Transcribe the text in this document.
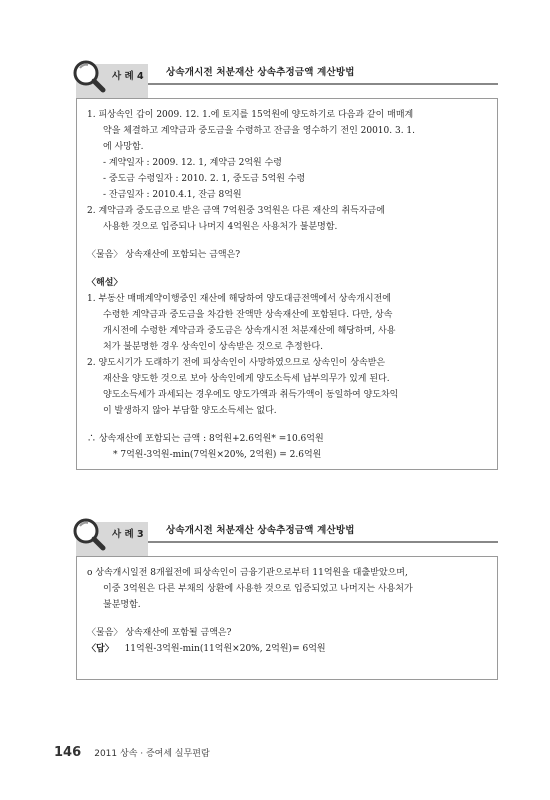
사 례 4 상속개시전 처분재산 상속추정금액 계산방법
1. 피상속인 갑이 2009. 12. 1.에 토지를 15억원에 양도하기로 다음과 같이 매매계
약을 체결하고 계약금과 중도금을 수령하고 잔금을 영수하기 전인 20010. 3. 1.
에 사망함.
- 계약일자 : 2009. 12. 1, 계약금 2억원 수령
- 중도금 수령일자 : 2010. 2. 1, 중도금 5억원 수령
- 잔금일자 : 2010.4.1, 잔금 8억원
2. 계약금과 중도금으로 받은 금액 7억원중 3억원은 다른 재산의 취득자금에
사용한 것으로 입증되나 나머지 4억원은 사용처가 불분명함.
〈물음〉 상속재산에 포함되는 금액은?
〈해설〉
1. 부동산 매매계약이행중인 재산에 해당하여 양도대금전액에서 상속개시전에
수령한 계약금과 중도금을 차감한 잔액만 상속재산에 포함된다. 다만, 상속
개시전에 수령한 계약금과 중도금은 상속개시전 처분재산에 해당하며, 사용
처가 불분명한 경우 상속인이 상속받은 것으로 추정한다.
2. 양도시기가 도래하기 전에 피상속인이 사망하였으므로 상속인이 상속받은
재산을 양도한 것으로 보아 상속인에게 양도소득세 납부의무가 있게 된다.
양도소득세가 과세되는 경우에도 양도가액과 취득가액이 동일하여 양도차익
이 발생하지 않아 부담할 양도소득세는 없다.
∴ 상속재산에 포함되는 금액 : 8억원+2.6억원* =10.6억원
* 7억원-3억원-min(7억원×20%, 2억원) = 2.6억원
사 례 3 상속개시전 처분재산 상속추정금액 계산방법
o 상속개시일전 8개월전에 피상속인이 금융기관으로부터 11억원을 대출받았으며,
이중 3억원은 다른 부채의 상환에 사용한 것으로 입증되었고 나머지는 사용처가
불분명함.
〈물음〉 상속재산에 포함될 금액은?
〈답〉 11억원-3억원-min(11억원×20%, 2억원)= 6억원
146 2011 상속 · 증여세 실무편람
